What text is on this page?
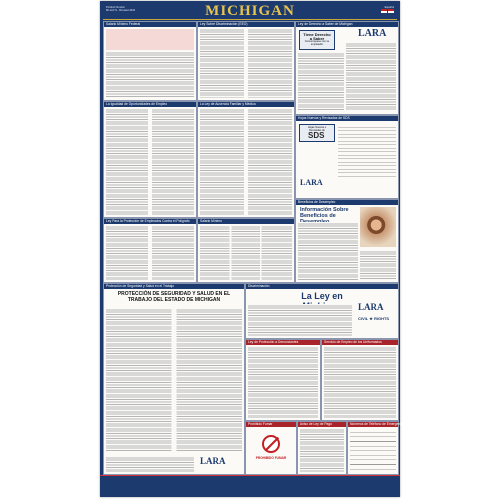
Product Number
MI-LLP-S · Revised 2024	MICHIGAN	Español
Salario Mínimo Federal	Ley Sobre Discriminación (EEO)	Ley de Derecho a Saber de Michigan
Tiene Derecho a Saber
Comuníquese con su empleador
LARA
La Igualdad de Oportunidades de Empleo	La Ley de Ausencia Familiar y Médica
Hojas Nuevas y Revisadas de SDS
Hojas Nuevas o Revisadas de
SDS
LARA
Ley Para la Protección de Empleados Contra el Polígrafo	Salario Mínimo
Beneficios de Desempleo
Información Sobre Beneficios de
Protección de Seguridad y Salud en el Trabajo
PROTECCIÓN DE SEGURIDAD Y SALUD EN EL TRABAJO DEL ESTADO DE MICHIGAN
LARA
Discriminación
La Ley en
LARA
CIVIL ★ RIGHTS
Ley de Protección a Denunciantes	Servicio de Empleo de los Uniformados
Prohibido Fumar
PROHIBIDO FUMAR
Aviso de Ley de Pago	Números de Teléfono de Emergencia
